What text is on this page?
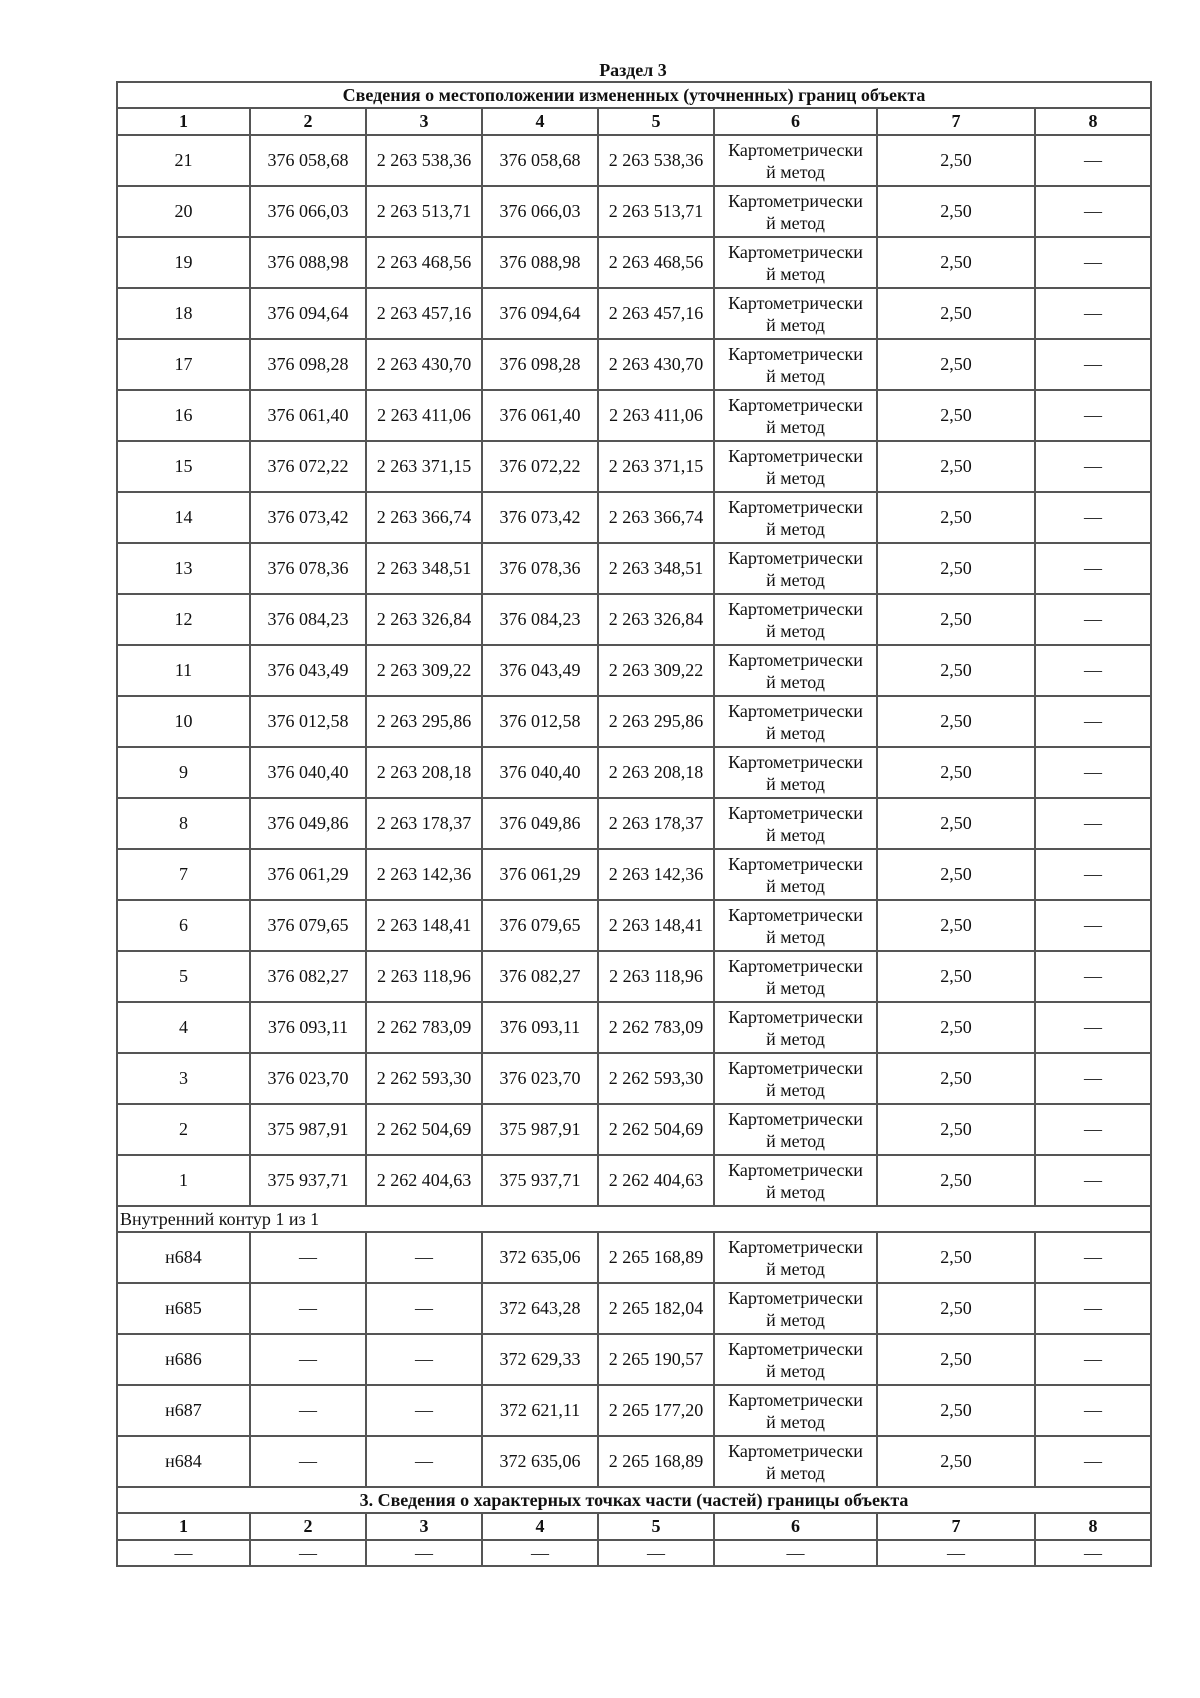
Раздел 3
Сведения о местоположении измененных (уточненных) границ объекта							
1	2	3	4	5	6	7	8
21	376 058,68	2 263 538,36	376 058,68	2 263 538,36	Картометрически
й метод	2,50	—
20	376 066,03	2 263 513,71	376 066,03	2 263 513,71	Картометрически
й метод	2,50	—
19	376 088,98	2 263 468,56	376 088,98	2 263 468,56	Картометрически
й метод	2,50	—
18	376 094,64	2 263 457,16	376 094,64	2 263 457,16	Картометрически
й метод	2,50	—
17	376 098,28	2 263 430,70	376 098,28	2 263 430,70	Картометрически
й метод	2,50	—
16	376 061,40	2 263 411,06	376 061,40	2 263 411,06	Картометрически
й метод	2,50	—
15	376 072,22	2 263 371,15	376 072,22	2 263 371,15	Картометрически
й метод	2,50	—
14	376 073,42	2 263 366,74	376 073,42	2 263 366,74	Картометрически
й метод	2,50	—
13	376 078,36	2 263 348,51	376 078,36	2 263 348,51	Картометрически
й метод	2,50	—
12	376 084,23	2 263 326,84	376 084,23	2 263 326,84	Картометрически
й метод	2,50	—
11	376 043,49	2 263 309,22	376 043,49	2 263 309,22	Картометрически
й метод	2,50	—
10	376 012,58	2 263 295,86	376 012,58	2 263 295,86	Картометрически
й метод	2,50	—
9	376 040,40	2 263 208,18	376 040,40	2 263 208,18	Картометрически
й метод	2,50	—
8	376 049,86	2 263 178,37	376 049,86	2 263 178,37	Картометрически
й метод	2,50	—
7	376 061,29	2 263 142,36	376 061,29	2 263 142,36	Картометрически
й метод	2,50	—
6	376 079,65	2 263 148,41	376 079,65	2 263 148,41	Картометрически
й метод	2,50	—
5	376 082,27	2 263 118,96	376 082,27	2 263 118,96	Картометрически
й метод	2,50	—
4	376 093,11	2 262 783,09	376 093,11	2 262 783,09	Картометрически
й метод	2,50	—
3	376 023,70	2 262 593,30	376 023,70	2 262 593,30	Картометрически
й метод	2,50	—
2	375 987,91	2 262 504,69	375 987,91	2 262 504,69	Картометрически
й метод	2,50	—
1	375 937,71	2 262 404,63	375 937,71	2 262 404,63	Картометрически
й метод	2,50	—
Внутренний контур 1 из 1							
н684	—	—	372 635,06	2 265 168,89	Картометрически
й метод	2,50	—
н685	—	—	372 643,28	2 265 182,04	Картометрически
й метод	2,50	—
н686	—	—	372 629,33	2 265 190,57	Картометрически
й метод	2,50	—
н687	—	—	372 621,11	2 265 177,20	Картометрически
й метод	2,50	—
н684	—	—	372 635,06	2 265 168,89	Картометрически
й метод	2,50	—
3. Сведения о характерных точках части (частей) границы объекта							
1	2	3	4	5	6	7	8
—	—	—	—	—	—	—	—
